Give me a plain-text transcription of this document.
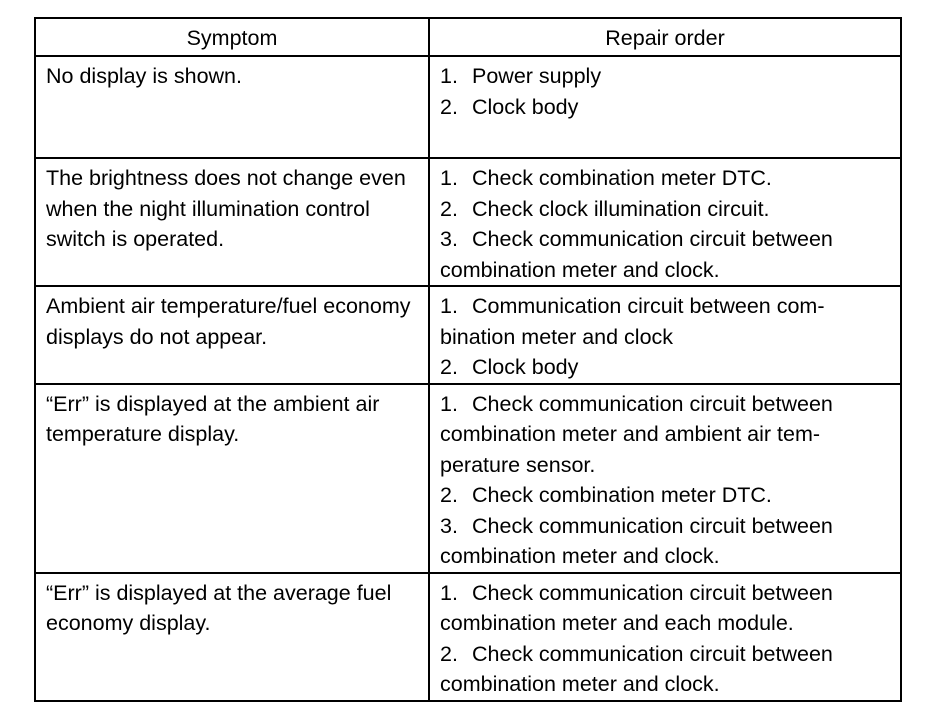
Symptom	Repair order
No display is shown.	1. Power supply
2. Clock body

The brightness does not change even when the night illumination control switch is operated.	1. Check combination meter DTC.
2. Check clock illumination circuit.
3. Check communication circuit between combination meter and clock.

Ambient air temperature/fuel economy displays do not appear.	1. Communication circuit between com-bination meter and clock
2. Clock body

“Err” is displayed at the ambient air temperature display.	1. Check communication circuit between combination meter and ambient air tem-perature sensor.
2. Check combination meter DTC.
3. Check communication circuit between combination meter and clock.

“Err” is displayed at the average fuel economy display.	1. Check communication circuit between combination meter and each module.
2. Check communication circuit between combination meter and clock.
